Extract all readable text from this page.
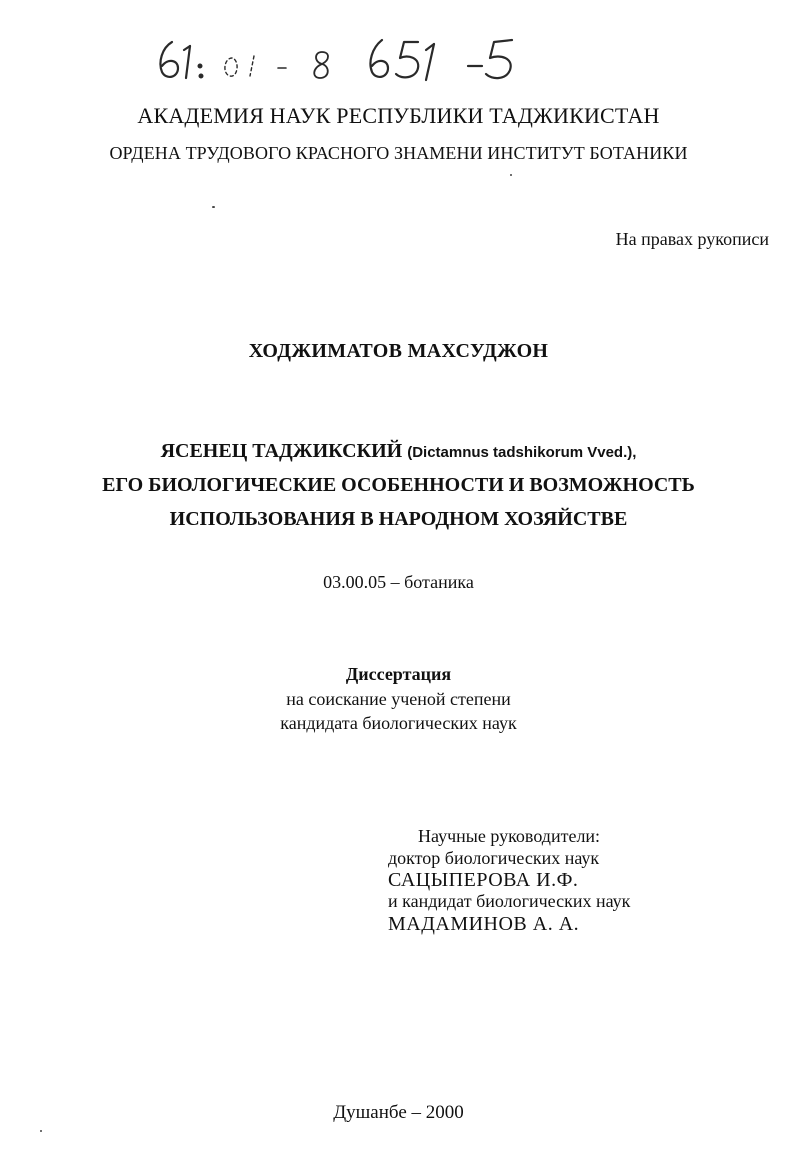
АКАДЕМИЯ НАУК РЕСПУБЛИКИ ТАДЖИКИСТАН
ОРДЕНА ТРУДОВОГО КРАСНОГО ЗНАМЕНИ ИНСТИТУТ БОТАНИКИ
На правах рукописи
ХОДЖИМАТОВ МАХСУДЖОН
ЯСЕНЕЦ ТАДЖИКСКИЙ (Dictamnus tadshikorum Vved.),
ЕГО БИОЛОГИЧЕСКИЕ ОСОБЕННОСТИ И ВОЗМОЖНОСТЬ
ИСПОЛЬЗОВАНИЯ В НАРОДНОМ ХОЗЯЙСТВЕ
03.00.05 – ботаника
Диссертация
на соискание ученой степени
кандидата биологических наук
Научные руководители:
доктор биологических наук
САЦЫПЕРОВА И.Ф.
и кандидат биологических наук
МАДАМИНОВ А. А.
Душанбе – 2000
